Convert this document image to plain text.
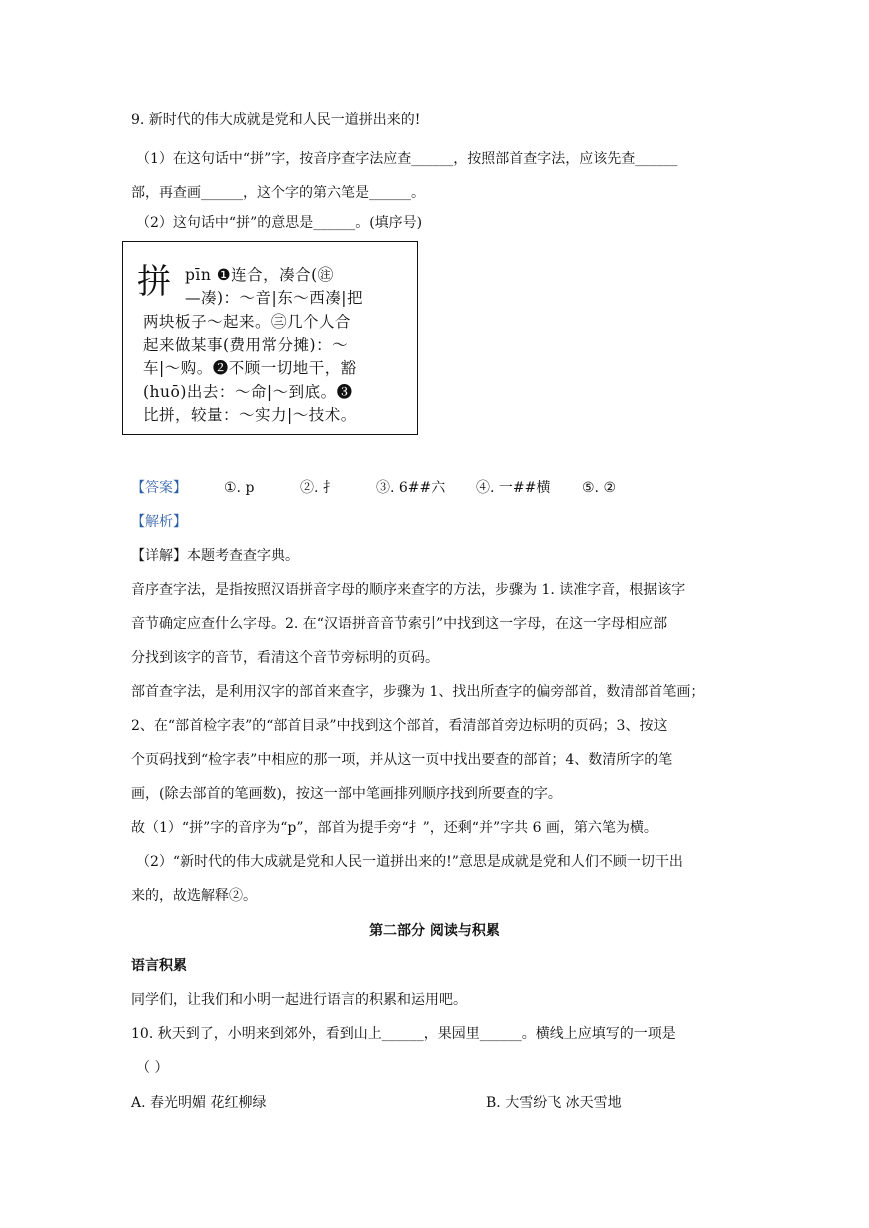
9. 新时代的伟大成就是党和人民一道拼出来的!
（1）在这句话中“拼”字，按音序查字法应查______，按照部首查字法，应该先查______
部，再查画______，这个字的第六笔是______。
（2）这句话中“拼”的意思是______。(填序号)
拼 pīn ❶连合，凑合(㊟
—凑)：～音|东～西凑|把
两块板子～起来。㊂几个人合
起来做某事(费用常分摊)：～
车|～购。❷不顾一切地干，豁
(huō)出去：～命|～到底。❸
比拼，较量：～实力|～技术。
【答案】	①. p	②. 扌	③. 6##六 ④. 一##横 ⑤. ②
【解析】
【详解】本题考查查字典。
音序查字法，是指按照汉语拼音字母的顺序来查字的方法，步骤为 1. 读准字音，根据该字
音节确定应查什么字母。2. 在“汉语拼音音节索引”中找到这一字母，在这一字母相应部
分找到该字的音节，看清这个音节旁标明的页码。
部首查字法，是利用汉字的部首来查字，步骤为 1、找出所查字的偏旁部首，数清部首笔画；
2、在“部首检字表”的“部首目录”中找到这个部首，看清部首旁边标明的页码；3、按这
个页码找到“检字表”中相应的那一项，并从这一页中找出要查的部首；4、数清所字的笔
画，(除去部首的笔画数)，按这一部中笔画排列顺序找到所要查的字。
故（1）“拼”字的音序为“p”，部首为提手旁“扌”，还剩“并”字共 6 画，第六笔为横。
（2）“新时代的伟大成就是党和人民一道拼出来的!”意思是成就是党和人们不顾一切干出
来的，故选解释②。
第二部分 阅读与积累
语言积累
同学们，让我们和小明一起进行语言的积累和运用吧。
10. 秋天到了，小明来到郊外，看到山上______，果园里______。横线上应填写的一项是
（ ）
A. 春光明媚 花红柳绿	B. 大雪纷飞 冰天雪地
